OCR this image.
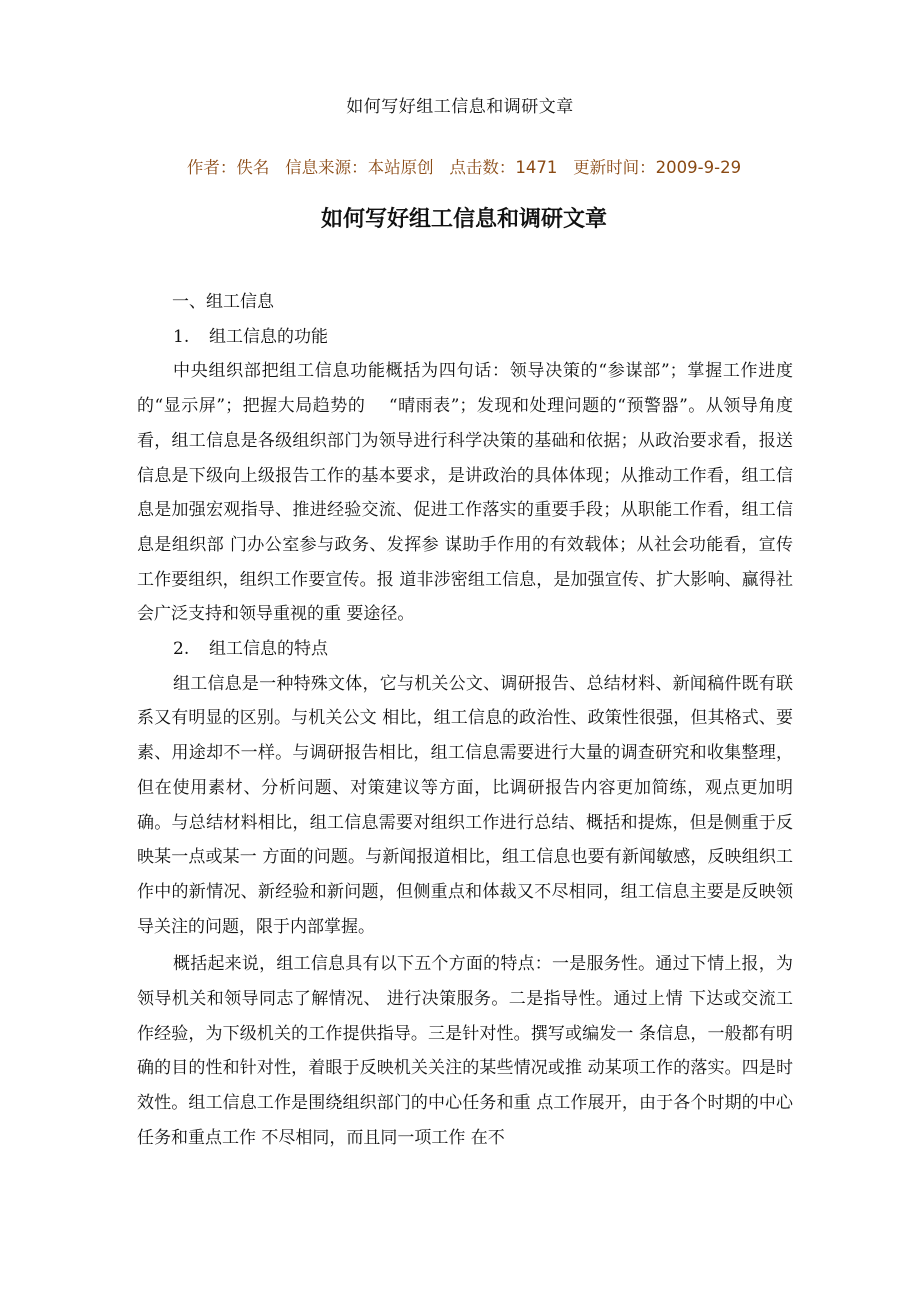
如何写好组工信息和调研文章
作者：佚名 信息来源：本站原创 点击数：1471 更新时间：2009-9-29
如何写好组工信息和调研文章

一、组工信息

1. 组工信息的功能

中央组织部把组工信息功能概括为四句话：领导决策的“参谋部”；掌握工作进度的“显示屏”；把握大局趋势的　 “晴雨表”；发现和处理问题的“预警器”。从领导角度看，组工信息是各级组织部门为领导进行科学决策的基础和依据；从政治要求看，报送信息是下级向上级报告工作的基本要求，是讲政治的具体体现；从推动工作看，组工信息是加强宏观指导、推进经验交流、促进工作落实的重要手段；从职能工作看，组工信息是组织部 门办公室参与政务、发挥参 谋助手作用的有效载体；从社会功能看，宣传工作要组织，组织工作要宣传。报 道非涉密组工信息，是加强宣传、扩大影响、赢得社会广泛支持和领导重视的重 要途径。

2. 组工信息的特点

组工信息是一种特殊文体，它与机关公文、调研报告、总结材料、新闻稿件既有联系又有明显的区别。与机关公文 相比，组工信息的政治性、政策性很强，但其格式、要素、用途却不一样。与调研报告相比，组工信息需要进行大量的调查研究和收集整理，但在使用素材、分析问题、对策建议等方面，比调研报告内容更加简练，观点更加明确。与总结材料相比，组工信息需要对组织工作进行总结、概括和提炼，但是侧重于反映某一点或某一 方面的问题。与新闻报道相比，组工信息也要有新闻敏感，反映组织工作中的新情况、新经验和新问题，但侧重点和体裁又不尽相同，组工信息主要是反映领导关注的问题，限于内部掌握。

概括起来说，组工信息具有以下五个方面的特点：一是服务性。通过下情上报，为领导机关和领导同志了解情况、 进行决策服务。二是指导性。通过上情 下达或交流工作经验，为下级机关的工作提供指导。三是针对性。撰写或编发一 条信息，一般都有明确的目的性和针对性，着眼于反映机关关注的某些情况或推 动某项工作的落实。四是时效性。组工信息工作是围绕组织部门的中心任务和重 点工作展开，由于各个时期的中心任务和重点工作 不尽相同，而且同一项工作 在不
